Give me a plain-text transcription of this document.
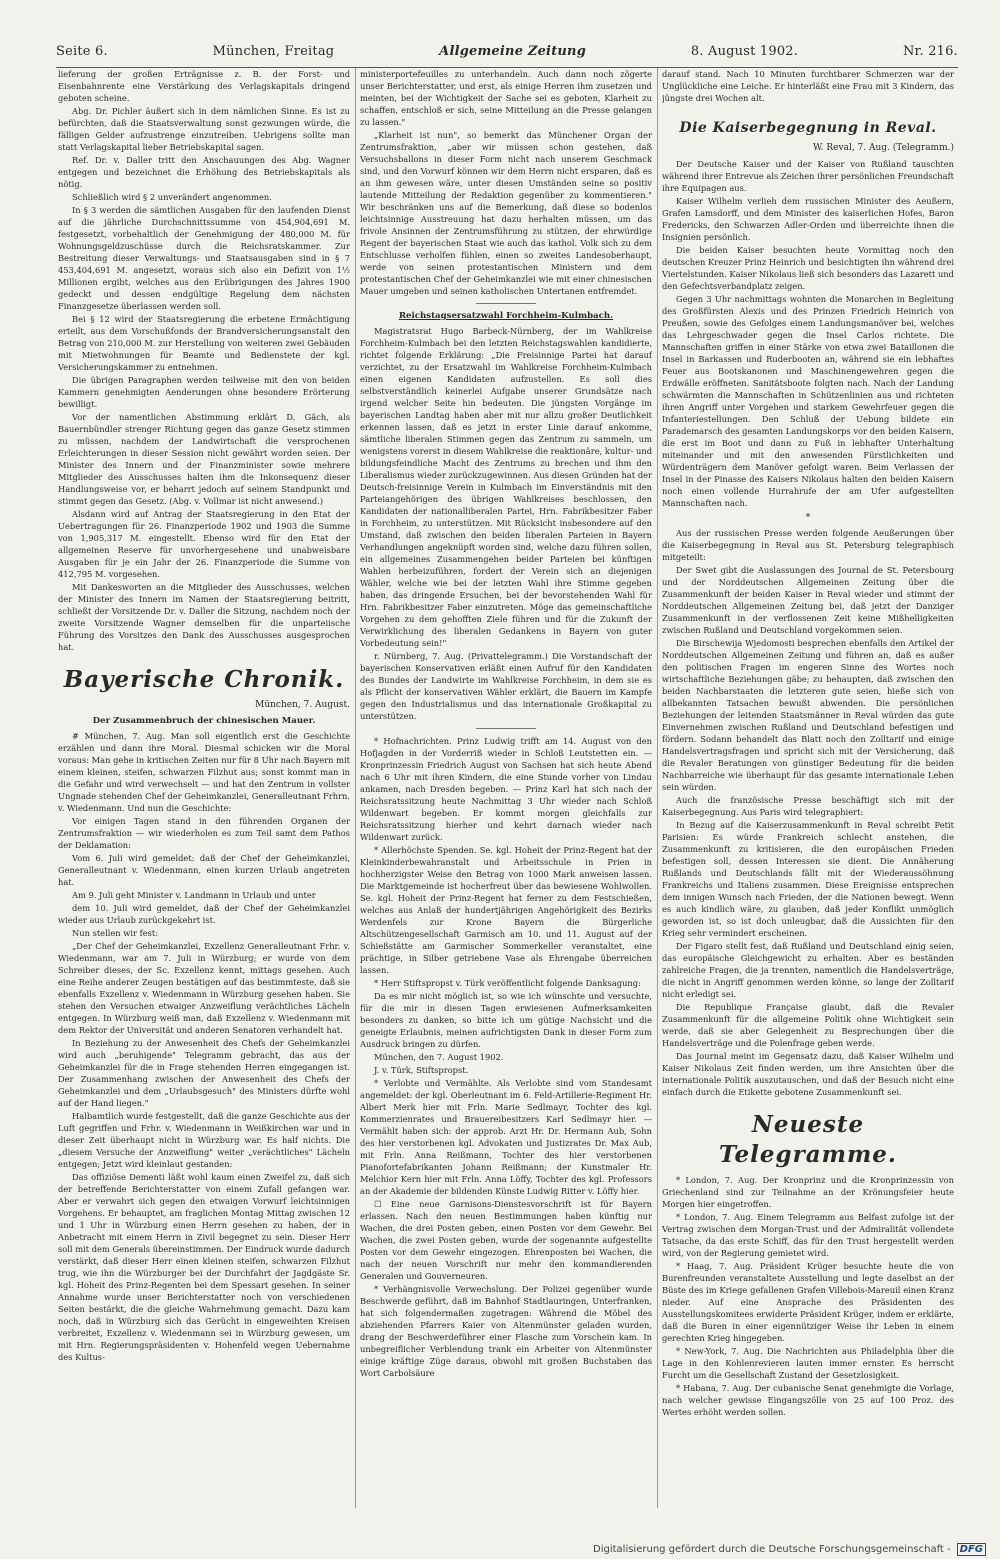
Seite 6.	München, Freitag	Allgemeine Zeitung	8. August 1902.	Nr. 216.

lieferung der großen Erträgnisse z. B. der Forst- und Eisenbahnrente eine Verstärkung des Verlagskapitals dringend geboten scheine.

Abg. Dr. Pichler äußert sich in dem nämlichen Sinne. Es ist zu befürchten, daß die Staatsverwaltung sonst gezwungen würde, die fälligen Gelder aufzustrenge einzutreiben. Uebrigens sollte man statt Verlagskapital lieber Betriebskapital sagen.

Ref. Dr. v. Daller tritt den Anschauungen des Abg. Wagner entgegen und bezeichnet die Erhöhung des Betriebskapitals als nötig.

Schließlich wird § 2 unverändert angenommen.

In § 3 werden die sämtlichen Ausgaben für den laufenden Dienst auf die jährliche Durchschnittssumme von 454,904,691 M. festgesetzt, vorbehaltlich der Genehmigung der 480,000 M. für Wohnungsgeldzuschüsse durch die Reichsratskammer. Zur Bestreitung dieser Verwaltungs- und Staatsausgaben sind in § 7 453,404,691 M. angesetzt, woraus sich also ein Defizit von 1½ Millionen ergibt, welches aus den Erübrigungen des Jahres 1900 gedeckt und dessen endgültige Regelung dem nächsten Finanzgesetze überlassen werden soll.

Bei § 12 wird der Staatsregierung die erbetene Ermächtigung erteilt, aus dem Vorschußfonds der Brandversicherungsanstalt den Betrag von 210,000 M. zur Herstellung von weiteren zwei Gebäuden mit Mietwohnungen für Beamte und Bedienstete der kgl. Versicherungskammer zu entnehmen.

Die übrigen Paragraphen werden teilweise mit den von beiden Kammern genehmigten Aenderungen ohne besondere Erörterung bewilligt.

Vor der namentlichen Abstimmung erklärt D. Gäch, als Bauernbündler strenger Richtung gegen das ganze Gesetz stimmen zu müssen, nachdem der Landwirtschaft die versprochenen Erleichterungen in dieser Session nicht gewährt worden seien. Der Minister des Innern und der Finanzminister sowie mehrere Mitglieder des Ausschusses halten ihm die Inkonsequenz dieser Handlungsweise vor, er beharrt jedoch auf seinem Standpunkt und stimmt gegen das Gesetz. (Abg. v. Vollmar ist nicht anwesend.)

Alsdann wird auf Antrag der Staatsregierung in den Etat der Uebertragungen für 26. Finanzperiode 1902 und 1903 die Summe von 1,905,317 M. eingestellt. Ebenso wird für den Etat der allgemeinen Reserve für unvorhergesehene und unabweisbare Ausgaben für je ein Jahr der 26. Finanzperiode die Summe von 412,795 M. vorgesehen.

Mit Dankesworten an die Mitglieder des Ausschusses, welchen der Minister des Innern im Namen der Staatsregierung beitritt, schließt der Vorsitzende Dr. v. Daller die Sitzung, nachdem noch der zweite Vorsitzende Wagner demselben für die unparteiische Führung des Vorsitzes den Dank des Ausschusses ausgesprochen hat.

Bayerische Chronik.
München, 7. August.
Der Zusammenbruch der chinesischen Mauer.

# München, 7. Aug. Man soll eigentlich erst die Geschichte erzählen und dann ihre Moral. Diesmal schicken wir die Moral voraus: Man gehe in kritischen Zeiten nur für 8 Uhr nach Bayern mit einem kleinen, steifen, schwarzen Filzhut aus; sonst kommt man in die Gefahr und wird verwechselt — und hat den Zentrum in vollster Ungnade stehenden Chef der Geheimkanzlei, Generalleutnant Frhrn. v. Wiedenmann. Und nun die Geschichte:

Vor einigen Tagen stand in den führenden Organen der Zentrumsfraktion — wir wiederholen es zum Teil samt dem Pathos der Deklamation:

Vom 6. Juli wird gemeldet: daß der Chef der Geheimkanzlei, Generalleutnant v. Wiedenmann, einen kurzen Urlaub angetreten hat.

Am 9. Juli geht Minister v. Landmann in Urlaub und unter

dem 10. Juli wird gemeldet, daß der Chef der Geheimkanzlei wieder aus Urlaub zurückgekehrt ist.

Nun stellen wir fest:

„Der Chef der Geheimkanzlei, Exzellenz Generalleutnant Frhr. v. Wiedenmann, war am 7. Juli in Würzburg; er wurde von dem Schreiber dieses, der Sc. Exzellenz kennt, mittags gesehen. Auch eine Reihe anderer Zeugen bestätigen auf das bestimmteste, daß sie ebenfalls Exzellenz v. Wiedenmann in Würzburg gesehen haben. Sie stehen den Versuchen etwaiger Anzweiflung verächtliches Lächeln entgegen. In Würzburg weiß man, daß Exzellenz v. Wiedenmann mit dem Rektor der Universität und anderen Senatoren verhandelt hat.

In Beziehung zu der Anwesenheit des Chefs der Geheimkanzlei wird auch „beruhigende" Telegramm gebracht, das aus der Geheimkanzlei für die in Frage stehenden Herren eingegangen ist. Der Zusammenhang zwischen der Anwesenheit des Chefs der Geheimkanzlei und dem „Urlaubsgesuch" des Ministers dürfte wohl auf der Hand liegen."

Halbamtlich wurde festgestellt, daß die ganze Geschichte aus der Luft gegriffen und Frhr. v. Wiedenmann in Weißkirchen war und in dieser Zeit überhaupt nicht in Würzburg war. Es half nichts. Die „diesem Versuche der Anzweiflung" weiter „verächtliches" Lächeln entgegen; Jetzt wird kleinlaut gestanden:

Das offiziöse Dementi läßt wohl kaum einen Zweifel zu, daß sich der betreffende Berichterstatter von einem Zufall gefangen war. Aber er verwahrt sich gegen den etwaigen Vorwurf leichtsinnigen Vorgehens. Er behauptet, am fraglichen Montag Mittag zwischen 12 und 1 Uhr in Würzburg einen Herrn gesehen zu haben, der in Anbetracht mit einem Herrn in Zivil begegnet zu sein. Dieser Herr soll mit dem Generals übereinstimmen. Der Eindruck wurde dadurch verstärkt, daß dieser Herr einen kleinen steifen, schwarzen Filzhut trug, wie ihn die Würzburger bei der Durchfahrt der Jagdgäste Sr. kgl. Hoheit des Prinz-Regenten bei dem Spessart gesehen. In seiner Annahme wurde unser Berichterstatter noch von verschiedenen Seiten bestärkt, die die gleiche Wahrnehmung gemacht. Dazu kam noch, daß in Würzburg sich das Gerücht in eingeweihten Kreisen verbreitet, Exzellenz v. Wiedenmann sei in Würzburg gewesen, um mit Hrn. Regierungspräsidenten v. Hohenfeld wegen Uebernahme des Kultus-

ministerportefeuilles zu unterhandeln. Auch dann noch zögerte unser Berichterstatter, und erst, als einige Herren ihm zusetzen und meinten, bei der Wichtigkeit der Sache sei es geboten, Klarheit zu schaffen, entschloß er sich, seine Mitteilung an die Presse gelangen zu lassen."

„Klarheit ist nun", so bemerkt das Münchener Organ der Zentrumsfraktion, „aber wir müssen schon gestehen, daß Versuchsballons in dieser Form nicht nach unserem Geschmack sind, und den Vorwurf können wir dem Herrn nicht ersparen, daß es an ihm gewesen wäre, unter diesen Umständen seine so positiv lautende Mitteilung der Redaktion gegenüber zu kommentieren." Wir beschränken uns auf die Bemerkung, daß diese so bodenlos leichtsinnige Ausstreuung hat dazu herhalten müssen, um das frivole Ansinnen der Zentrumsführung zu stützen, der ehrwürdige Regent der bayerischen Staat wie auch das kathol. Volk sich zu dem Entschlusse verholfen fühlen, einen so zweites Landesoberhaupt, werde von seinen protestantischen Ministern und dem protestantischen Chef der Geheimkanzlei wie mit einer chinesischen Mauer umgeben und seinen katholischen Untertanen entfremdet.

Reichstagsersatzwahl Forchheim-Kulmbach.

Magistratsrat Hugo Barbeck-Nürnberg, der im Wahlkreise Forchheim-Kulmbach bei den letzten Reichstagswahlen kandidierte, richtet folgende Erklärung: „Die Freisinnige Partei hat darauf verzichtet, zu der Ersatzwahl im Wahlkreise Forchheim-Kulmbach einen eigenen Kandidaten aufzustellen. Es soll dies selbstverständlich keinerlei Aufgabe unserer Grundsätze nach irgend welcher Seite hin bedeuten. Die jüngsten Vorgänge im bayerischen Landtag haben aber mit nur allzu großer Deutlichkeit erkennen lassen, daß es jetzt in erster Linie darauf ankomme, sämtliche liberalen Stimmen gegen das Zentrum zu sammeln, um wenigstens vorerst in diesem Wahlkreise die reaktionäre, kultur- und bildungsfeindliche Macht des Zentrums zu brechen und ihm den Liberalismus wieder zurückzugewinnen. Aus diesen Gründen hat der Deutsch-freisinnige Verein in Kulmbach im Einverständnis mit den Parteiangehörigen des übrigen Wahlkreises beschlossen, den Kandidaten der nationalliberalen Partei, Hrn. Fabrikbesitzer Faber in Forchheim, zu unterstützen. Mit Rücksicht insbesondere auf den Umstand, daß zwischen den beiden liberalen Parteien in Bayern Verhandlungen angeknüpft worden sind, welche dazu führen sollen, ein allgemeines Zusammengehen beider Parteien bei künftigen Wahlen herbeizuführen, fordert der Verein sich an diejenigen Wähler, welche wie bei der letzten Wahl ihre Stimme gegeben haben, das dringende Ersuchen, bei der bevorstehenden Wahl für Hrn. Fabrikbesitzer Faber einzutreten. Möge das gemeinschaftliche Vorgehen zu dem gehofften Ziele führen und für die Zukunft der Verwirklichung des liberalen Gedankens in Bayern von guter Vorbedeutung sein!"

r. Nürnberg, 7. Aug. (Privattelegramm.) Die Vorstandschaft der bayerischen Konservativen erläßt einen Aufruf für den Kandidaten des Bundes der Landwirte im Wahlkreise Forchheim, in dem sie es als Pflicht der konservativen Wähler erklärt, die Bauern im Kampfe gegen den Industrialismus und das internationale Großkapital zu unterstützen.

* Hofnachrichten. Prinz Ludwig trifft am 14. August von den Hofjagden in der Vorderriß wieder in Schloß Leutstetten ein. — Kronprinzessin Friedrich August von Sachsen hat sich heute Abend nach 6 Uhr mit ihren Kindern, die eine Stunde vorher von Lindau ankamen, nach Dresden begeben. — Prinz Karl hat sich nach der Reichsratssitzung heute Nachmittag 3 Uhr wieder nach Schloß Wildenwart begeben. Er kommt morgen gleichfalls zur Reichsratssitzung hierher und kehrt darnach wieder nach Wildenwart zurück.

* Allerhöchste Spenden. Se. kgl. Hoheit der Prinz-Regent hat der Kleinkinderbewahranstalt und Arbeitsschule in Prien in hochherzigster Weise den Betrag von 1000 Mark anweisen lassen. Die Marktgemeinde ist hocherfreut über das bewiesene Wohlwollen. Se. kgl. Hoheit der Prinz-Regent hat ferner zu dem Festschießen, welches aus Anlaß der hundertjährigen Angehörigkeit des Bezirks Werdenfels zur Krone Bayern die Bürgerliche Altschützengesellschaft Garmisch am 10. und 11. August auf der Schießstätte am Garmischer Sommerkeller veranstaltet, eine prächtige, in Silber getriebene Vase als Ehrengabe überreichen lassen.

* Herr Stiftspropst v. Türk veröffentlicht folgende Danksagung:

Da es mir nicht möglich ist, so wie ich wünschte und versuchte, für die mir in diesen Tagen erwiesenen Aufmerksamkeiten besonders zu danken, so bitte ich um gütige Nachsicht und die geneigte Erlaubnis, meinen aufrichtigsten Dank in dieser Form zum Ausdruck bringen zu dürfen.

München, den 7. August 1902.

J. v. Türk, Stiftspropst.

* Verlobte und Vermählte. Als Verlobte sind vom Standesamt angemeldet: der kgl. Oberleutnant im 6. Feld-Artillerie-Regiment Hr. Albert Merk hier mit Frln. Marie Sedlmayr, Tochter des kgl. Kommerzienrates und Brauereibesitzers Karl Sedlmayr hier. — Vermählt haben sich: der approb. Arzt Hr. Dr. Hermann Aub, Sohn des hier verstorbenen kgl. Advokaten und Justizrates Dr. Max Aub, mit Frln. Anna Reißmann, Tochter des hier verstorbenen Pianofortefabrikanten Johann Reißmann; der Kunstmaler Hr. Melchior Kern hier mit Frln. Anna Löffy, Tochter des kgl. Professors an der Akademie der bildenden Künste Ludwig Ritter v. Löffy hier.

☐ Eine neue Garnisons-Dienstesvorschrift ist für Bayern erlassen. Nach den neuen Bestimmungen haben künftig nur Wachen, die drei Posten geben, einen Posten vor dem Gewehr. Bei Wachen, die zwei Posten geben, wurde der sogenannte aufgestellte Posten vor dem Gewehr eingezogen. Ehrenposten bei Wachen, die nach der neuen Vorschrift nur mehr den kommandierenden Generalen und Gouverneuren.

* Verhängnisvolle Verwechslung. Der Polizei gegenüber wurde Beschwerde geführt, daß im Bahnhof Stadtlauringen, Unterfranken, hat sich folgendermaßen zugetragen: Während die Möbel des abziehenden Pfarrers Kaier von Altenmünster geladen wurden, drang der Beschwerdeführer einer Flasche zum Vorschein kam. In unbegreiflicher Verblendung trank ein Arbeiter von Altenmünster einige kräftige Züge daraus, obwohl mit großen Buchstaben das Wort Carbolsäure

darauf stand. Nach 10 Minuten furchtbarer Schmerzen war der Unglückliche eine Leiche. Er hinterläßt eine Frau mit 3 Kindern, das jüngste drei Wochen alt.

Die Kaiserbegegnung in Reval.
W. Reval, 7. Aug. (Telegramm.)

Der Deutsche Kaiser und der Kaiser von Rußland tauschten während ihrer Entrevue als Zeichen ihrer persönlichen Freundschaft ihre Equipagen aus.

Kaiser Wilhelm verlieh dem russischen Minister des Aeußern, Grafen Lamsdorff, und dem Minister des kaiserlichen Hofes, Baron Fredericks, den Schwarzen Adler-Orden und überreichte ihnen die Insignien persönlich.

Die beiden Kaiser besuchten heute Vormittag noch den deutschen Kreuzer Prinz Heinrich und besichtigten ihn während drei Viertelstunden. Kaiser Nikolaus ließ sich besonders das Lazarett und den Gefechtsverbandplatz zeigen.

Gegen 3 Uhr nachmittags wohnten die Monarchen in Begleitung des Großfürsten Alexis und des Prinzen Friedrich Heinrich von Preußen, sowie des Gefolges einem Landungsmanöver bei, welches das Lehrgeschwader gegen die Insel Carlos richtete. Die Mannschaften griffen in einer Stärke von etwa zwei Bataillonen die Insel in Barkassen und Ruderbooten an, während sie ein lebhaftes Feuer aus Bootskanonen und Maschinengewehren gegen die Erdwälle eröffneten. Sanitätsboote folgten nach. Nach der Landung schwärmten die Mannschaften in Schützenlinien aus und richteten ihren Angriff unter Vorgehen und starkem Gewehrfeuer gegen die Infanteriestellungen. Den Schluß der Uebung bildete ein Parademarsch des gesamten Landungskorps vor den beiden Kaisern, die erst im Boot und dann zu Fuß in lebhafter Unterhaltung miteinander und mit den anwesenden Fürstlichkeiten und Würdenträgern dem Manöver gefolgt waren. Beim Verlassen der Insel in der Pinasse des Kaisers Nikolaus halten den beiden Kaisern noch einen vollende Hurrahrufe der am Ufer aufgestellten Mannschaften nach.

*

Aus der russischen Presse werden folgende Aeußerungen über die Kaiserbegegnung in Reval aus St. Petersburg telegraphisch mitgeteilt:

Der Swet gibt die Auslassungen des Journal de St. Petersbourg und der Norddeutschen Allgemeinen Zeitung über die Zusammenkunft der beiden Kaiser in Reval wieder und stimmt der Norddeutschen Allgemeinen Zeitung bei, daß jetzt der Danziger Zusammenkunft in der verflossenen Zeit keine Mißhelligkeiten zwischen Rußland und Deutschland vorgekommen seien.

Die Birschewija Wjedomosti besprechen ebenfalls den Artikel der Norddeutschen Allgemeinen Zeitung und führen an, daß es außer den politischen Fragen im engeren Sinne des Wortes noch wirtschaftliche Beziehungen gäbe; zu behaupten, daß zwischen den beiden Nachbarstaaten die letzteren gute seien, hieße sich von allbekannten Tatsachen bewußt abwenden. Die persönlichen Beziehungen der leitenden Staatsmänner in Reval würden das gute Einvernehmen zwischen Rußland und Deutschland befestigen und fördern. Sodann behandelt das Blatt noch den Zolltarif und einige Handelsvertragsfragen und spricht sich mit der Versicherung, daß die Revaler Beratungen von günstiger Bedeutung für die beiden Nachbarreiche wie überhaupt für das gesamte internationale Leben sein würden.

Auch die französische Presse beschäftigt sich mit der Kaiserbegegnung. Aus Paris wird telegraphiert:

In Bezug auf die Kaiserzusammenkunft in Reval schreibt Petit Parisien: Es würde Frankreich schlecht anstehen, die Zusammenkunft zu kritisieren, die den europäischen Frieden befestigen soll, dessen Interessen sie dient. Die Annäherung Rußlands und Deutschlands fällt mit der Wiederaussöhnung Frankreichs und Italiens zusammen. Diese Ereignisse entsprechen dem innigen Wunsch nach Frieden, der die Nationen bewegt. Wenn es auch kindlich wäre, zu glauben, daß jeder Konflikt unmöglich geworden ist, so ist doch unleugbar, daß die Aussichten für den Krieg sehr vermindert erscheinen.

Der Figaro stellt fest, daß Rußland und Deutschland einig seien, das europäische Gleichgewicht zu erhalten. Aber es beständen zahlreiche Fragen, die ja trennten, namentlich die Handelsverträge, die nicht in Angriff genommen werden könne, so lange der Zolltarif nicht erledigt sei.

Die Republique Française glaubt, daß die Revaler Zusammenkunft für die allgemeine Politik ohne Wichtigkeit sein werde, daß sie aber Gelegenheit zu Besprechungen über die Handelsverträge und die Polenfrage geben werde.

Das Journal meint im Gegensatz dazu, daß Kaiser Wilhelm und Kaiser Nikolaus Zeit finden werden, um ihre Ansichten über die internationale Politik auszutauschen, und daß der Besuch nicht eine einfach durch die Etikette gebotene Zusammenkunft sei.

Neueste Telegramme.

* London, 7. Aug. Der Kronprinz und die Kronprinzessin von Griechenland sind zur Teilnahme an der Krönungsfeier heute Morgen hier eingetroffen.

* London, 7. Aug. Einem Telegramm aus Belfast zufolge ist der Vertrag zwischen dem Morgan-Trust und der Admiralität vollendete Tatsache, da das erste Schiff, das für den Trust hergestellt werden wird, von der Regierung gemietet wird.

* Haag, 7. Aug. Präsident Krüger besuchte heute die von Burenfreunden veranstaltete Ausstellung und legte daselbst an der Büste des im Kriege gefallenen Grafen Villebois-Mareuil einen Kranz nieder. Auf eine Ansprache des Präsidenten des Ausstellungskomitees erwiderte Präsident Krüger, indem er erklärte, daß die Buren in einer eigennütziger Weise ihr Leben in einem gerechten Krieg hingegeben.

* New-York, 7. Aug. Die Nachrichten aus Philadelphia über die Lage in den Kohlenrevieren lauten immer ernster. Es herrscht Furcht um die Gesellschaft Zustand der Gesetzlosigkeit.

* Habana, 7. Aug. Der cubanische Senat genehmigte die Vorlage, nach welcher gewisse Eingangszölle von 25 auf 100 Proz. des Wertes erhöht werden sollen.

Digitalisierung gefördert durch die Deutsche Forschungsgemeinschaft - DFG
